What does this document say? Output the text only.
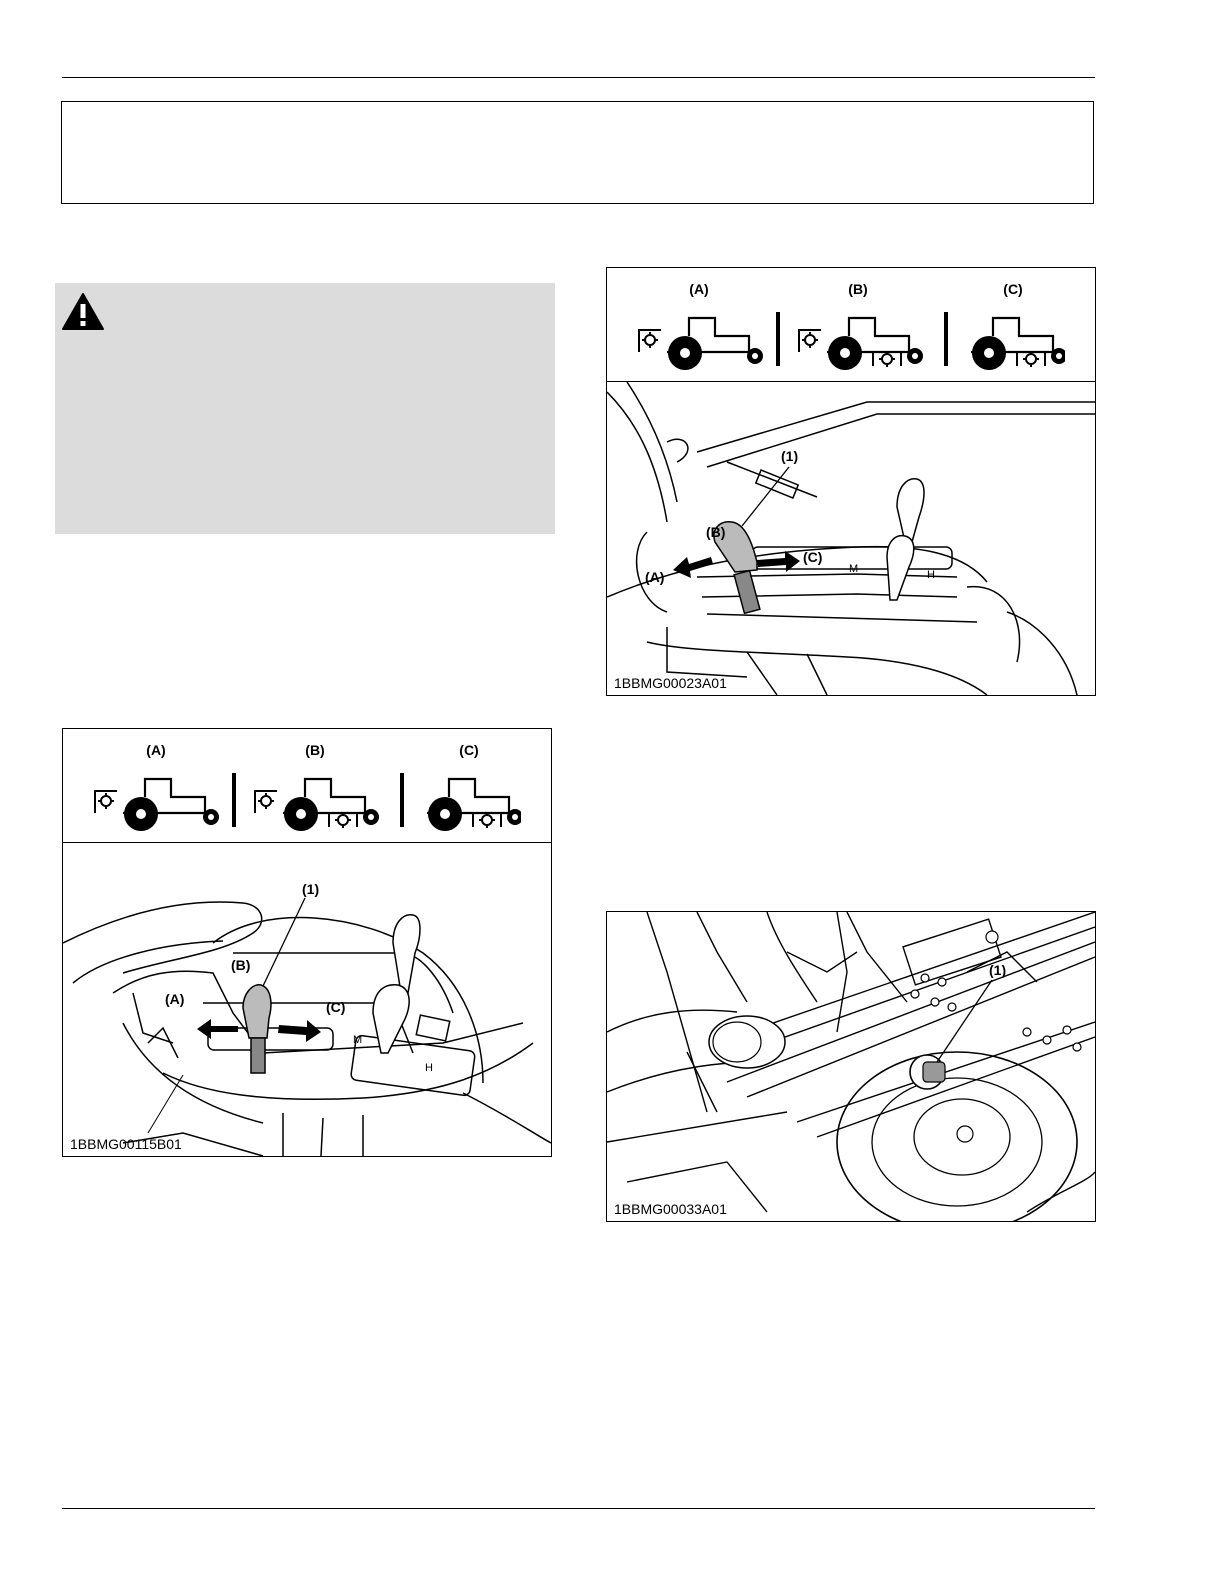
(A)	(B)	(C)
M
H
(1)
(B)
(A)	(C)
1BBMG00115B01
(A)	(B)	(C)
M	H
(1)
(B)
(A)
(C)
1BBMG00023A01
(1)
1BBMG00033A01
